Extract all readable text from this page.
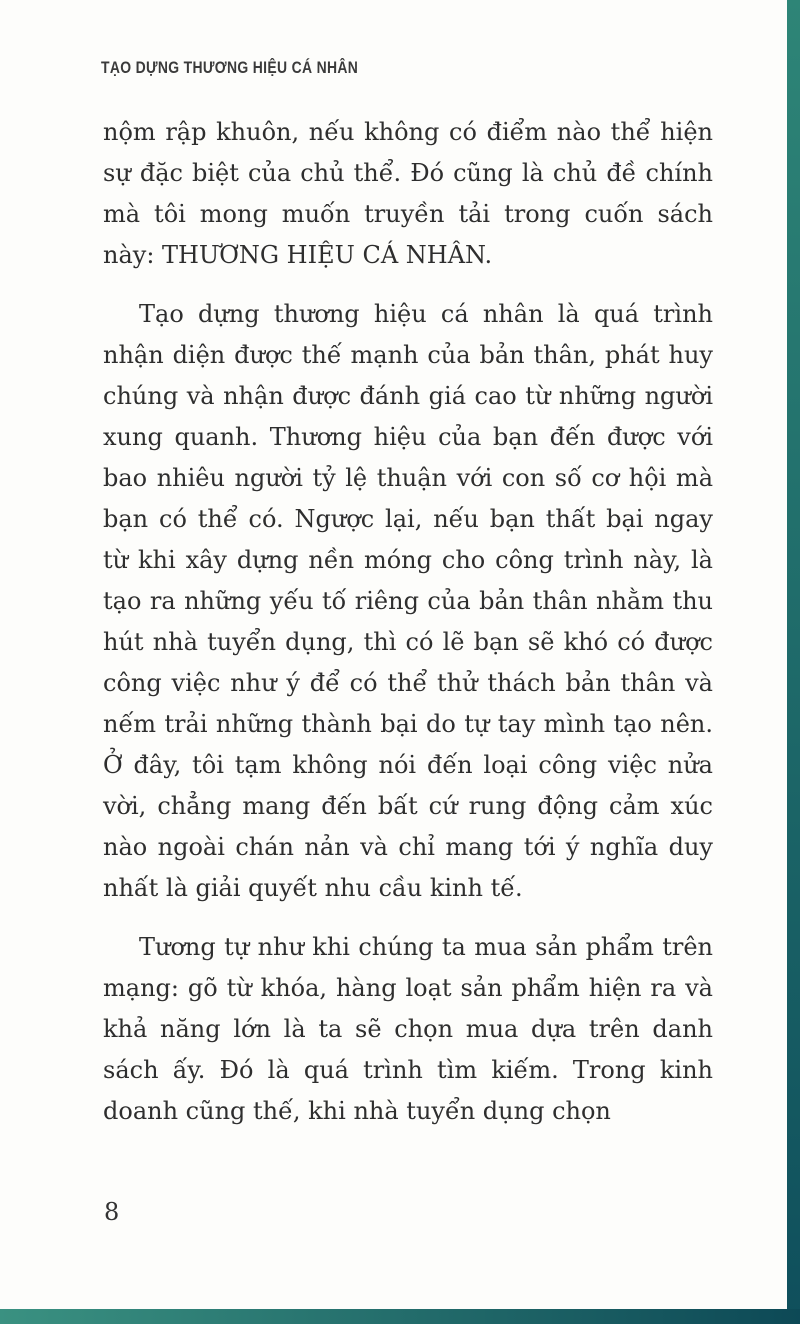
TẠO DỰNG THƯƠNG HIỆU CÁ NHÂN

nộm rập khuôn, nếu không có điểm nào thể hiện sự đặc biệt của chủ thể. Đó cũng là chủ đề chính mà tôi mong muốn truyền tải trong cuốn sách này: THƯƠNG HIỆU CÁ NHÂN.

Tạo dựng thương hiệu cá nhân là quá trình nhận diện được thế mạnh của bản thân, phát huy chúng và nhận được đánh giá cao từ những người xung quanh. Thương hiệu của bạn đến được với bao nhiêu người tỷ lệ thuận với con số cơ hội mà bạn có thể có. Ngược lại, nếu bạn thất bại ngay từ khi xây dựng nền móng cho công trình này, là tạo ra những yếu tố riêng của bản thân nhằm thu hút nhà tuyển dụng, thì có lẽ bạn sẽ khó có được công việc như ý để có thể thử thách bản thân và nếm trải những thành bại do tự tay mình tạo nên. Ở đây, tôi tạm không nói đến loại công việc nửa vời, chẳng mang đến bất cứ rung động cảm xúc nào ngoài chán nản và chỉ mang tới ý nghĩa duy nhất là giải quyết nhu cầu kinh tế.

Tương tự như khi chúng ta mua sản phẩm trên mạng: gõ từ khóa, hàng loạt sản phẩm hiện ra và khả năng lớn là ta sẽ chọn mua dựa trên danh sách ấy. Đó là quá trình tìm kiếm. Trong kinh doanh cũng thế, khi nhà tuyển dụng chọn

8
